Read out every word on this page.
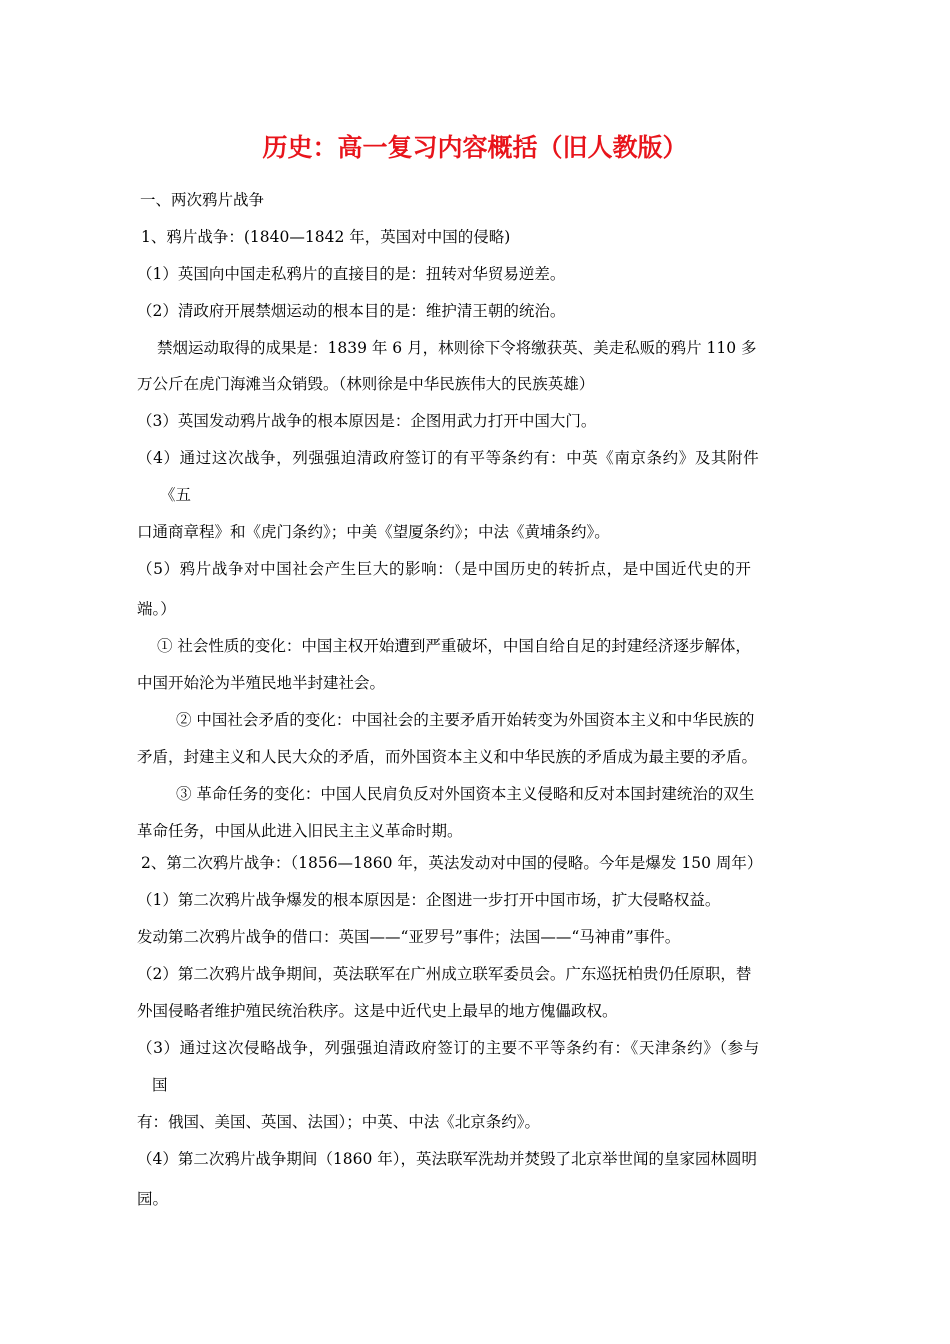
历史：高一复习内容概括（旧人教版）
一、两次鸦片战争
1、鸦片战争：(1840—1842 年，英国对中国的侵略)
（1）英国向中国走私鸦片的直接目的是：扭转对华贸易逆差。
（2）清政府开展禁烟运动的根本目的是：维护清王朝的统治。
禁烟运动取得的成果是：1839 年 6 月，林则徐下令将缴获英、美走私贩的鸦片 110 多
万公斤在虎门海滩当众销毁。（林则徐是中华民族伟大的民族英雄）
（3）英国发动鸦片战争的根本原因是：企图用武力打开中国大门。
（4）通过这次战争，列强强迫清政府签订的有平等条约有：中英《南京条约》及其附件
《五
口通商章程》和《虎门条约》；中美《望厦条约》；中法《黄埔条约》。
（5）鸦片战争对中国社会产生巨大的影响：（是中国历史的转折点，是中国近代史的开
端。）
① 社会性质的变化：中国主权开始遭到严重破坏，中国自给自足的封建经济逐步解体，
中国开始沦为半殖民地半封建社会。
② 中国社会矛盾的变化：中国社会的主要矛盾开始转变为外国资本主义和中华民族的
矛盾，封建主义和人民大众的矛盾，而外国资本主义和中华民族的矛盾成为最主要的矛盾。
③ 革命任务的变化：中国人民肩负反对外国资本主义侵略和反对本国封建统治的双生
革命任务，中国从此进入旧民主主义革命时期。
2、第二次鸦片战争：（1856—1860 年，英法发动对中国的侵略。今年是爆发 150 周年）
（1）第二次鸦片战争爆发的根本原因是：企图进一步打开中国市场，扩大侵略权益。
发动第二次鸦片战争的借口：英国——“亚罗号”事件；法国——“马神甫”事件。
（2）第二次鸦片战争期间，英法联军在广州成立联军委员会。广东巡抚柏贵仍任原职，替
外国侵略者维护殖民统治秩序。这是中近代史上最早的地方傀儡政权。
（3）通过这次侵略战争，列强强迫清政府签订的主要不平等条约有：《天津条约》（参与
国
有：俄国、美国、英国、法国）；中英、中法《北京条约》。
（4）第二次鸦片战争期间（1860 年），英法联军洗劫并焚毁了北京举世闻的皇家园林圆明
园。
